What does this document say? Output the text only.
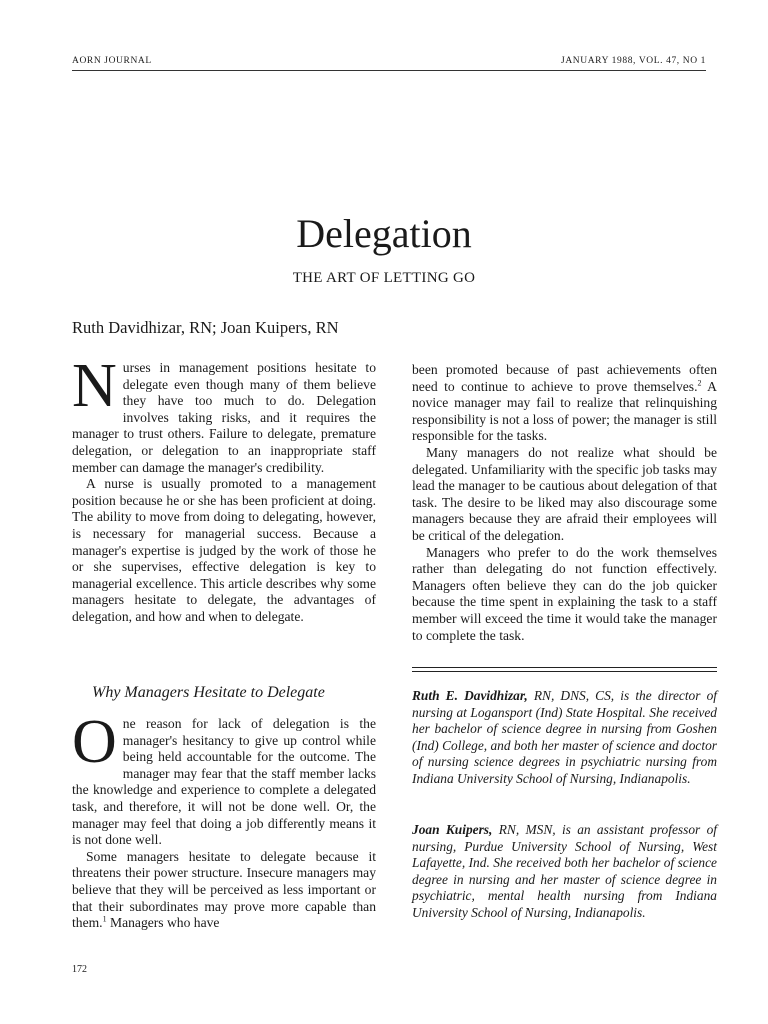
AORN JOURNAL	JANUARY 1988, VOL. 47, NO 1
Delegation
THE ART OF LETTING GO
Ruth Davidhizar, RN; Joan Kuipers, RN

Nurses in management positions hesitate to delegate even though many of them believe they have too much to do. Delegation involves taking risks, and it requires the manager to trust others. Failure to delegate, premature delegation, or delegation to an inappropriate staff member can damage the manager's credibility.

A nurse is usually promoted to a management position because he or she has been proficient at doing. The ability to move from doing to delegating, however, is necessary for managerial success. Because a manager's expertise is judged by the work of those he or she supervises, effective delegation is key to managerial excellence. This article describes why some managers hesitate to delegate, the advantages of delegation, and how and when to delegate.

Why Managers Hesitate to Delegate

One reason for lack of delegation is the manager's hesitancy to give up control while being held accountable for the outcome. The manager may fear that the staff member lacks the knowledge and experience to complete a delegated task, and therefore, it will not be done well. Or, the manager may feel that doing a job differently means it is not done well.

Some managers hesitate to delegate because it threatens their power structure. Insecure managers may believe that they will be perceived as less important or that their subordinates may prove more capable than them.$^1$ Managers who have

been promoted because of past achievements often need to continue to achieve to prove themselves.$^2$ A novice manager may fail to realize that relinquishing responsibility is not a loss of power; the manager is still responsible for the tasks.

Many managers do not realize what should be delegated. Unfamiliarity with the specific job tasks may lead the manager to be cautious about delegation of that task. The desire to be liked may also discourage some managers because they are afraid their employees will be critical of the delegation.

Managers who prefer to do the work themselves rather than delegating do not function effectively. Managers often believe they can do the job quicker because the time spent in explaining the task to a staff member will exceed the time it would take the manager to complete the task.

Ruth E. Davidhizar, RN, DNS, CS, is the director of nursing at Logansport (Ind) State Hospital. She received her bachelor of science degree in nursing from Goshen (Ind) College, and both her master of science and doctor of nursing science degrees in psychiatric nursing from Indiana University School of Nursing, Indianapolis.
Joan Kuipers, RN, MSN, is an assistant professor of nursing, Purdue University School of Nursing, West Lafayette, Ind. She received both her bachelor of science degree in nursing and her master of science degree in psychiatric, mental health nursing from Indiana University School of Nursing, Indianapolis.
172
